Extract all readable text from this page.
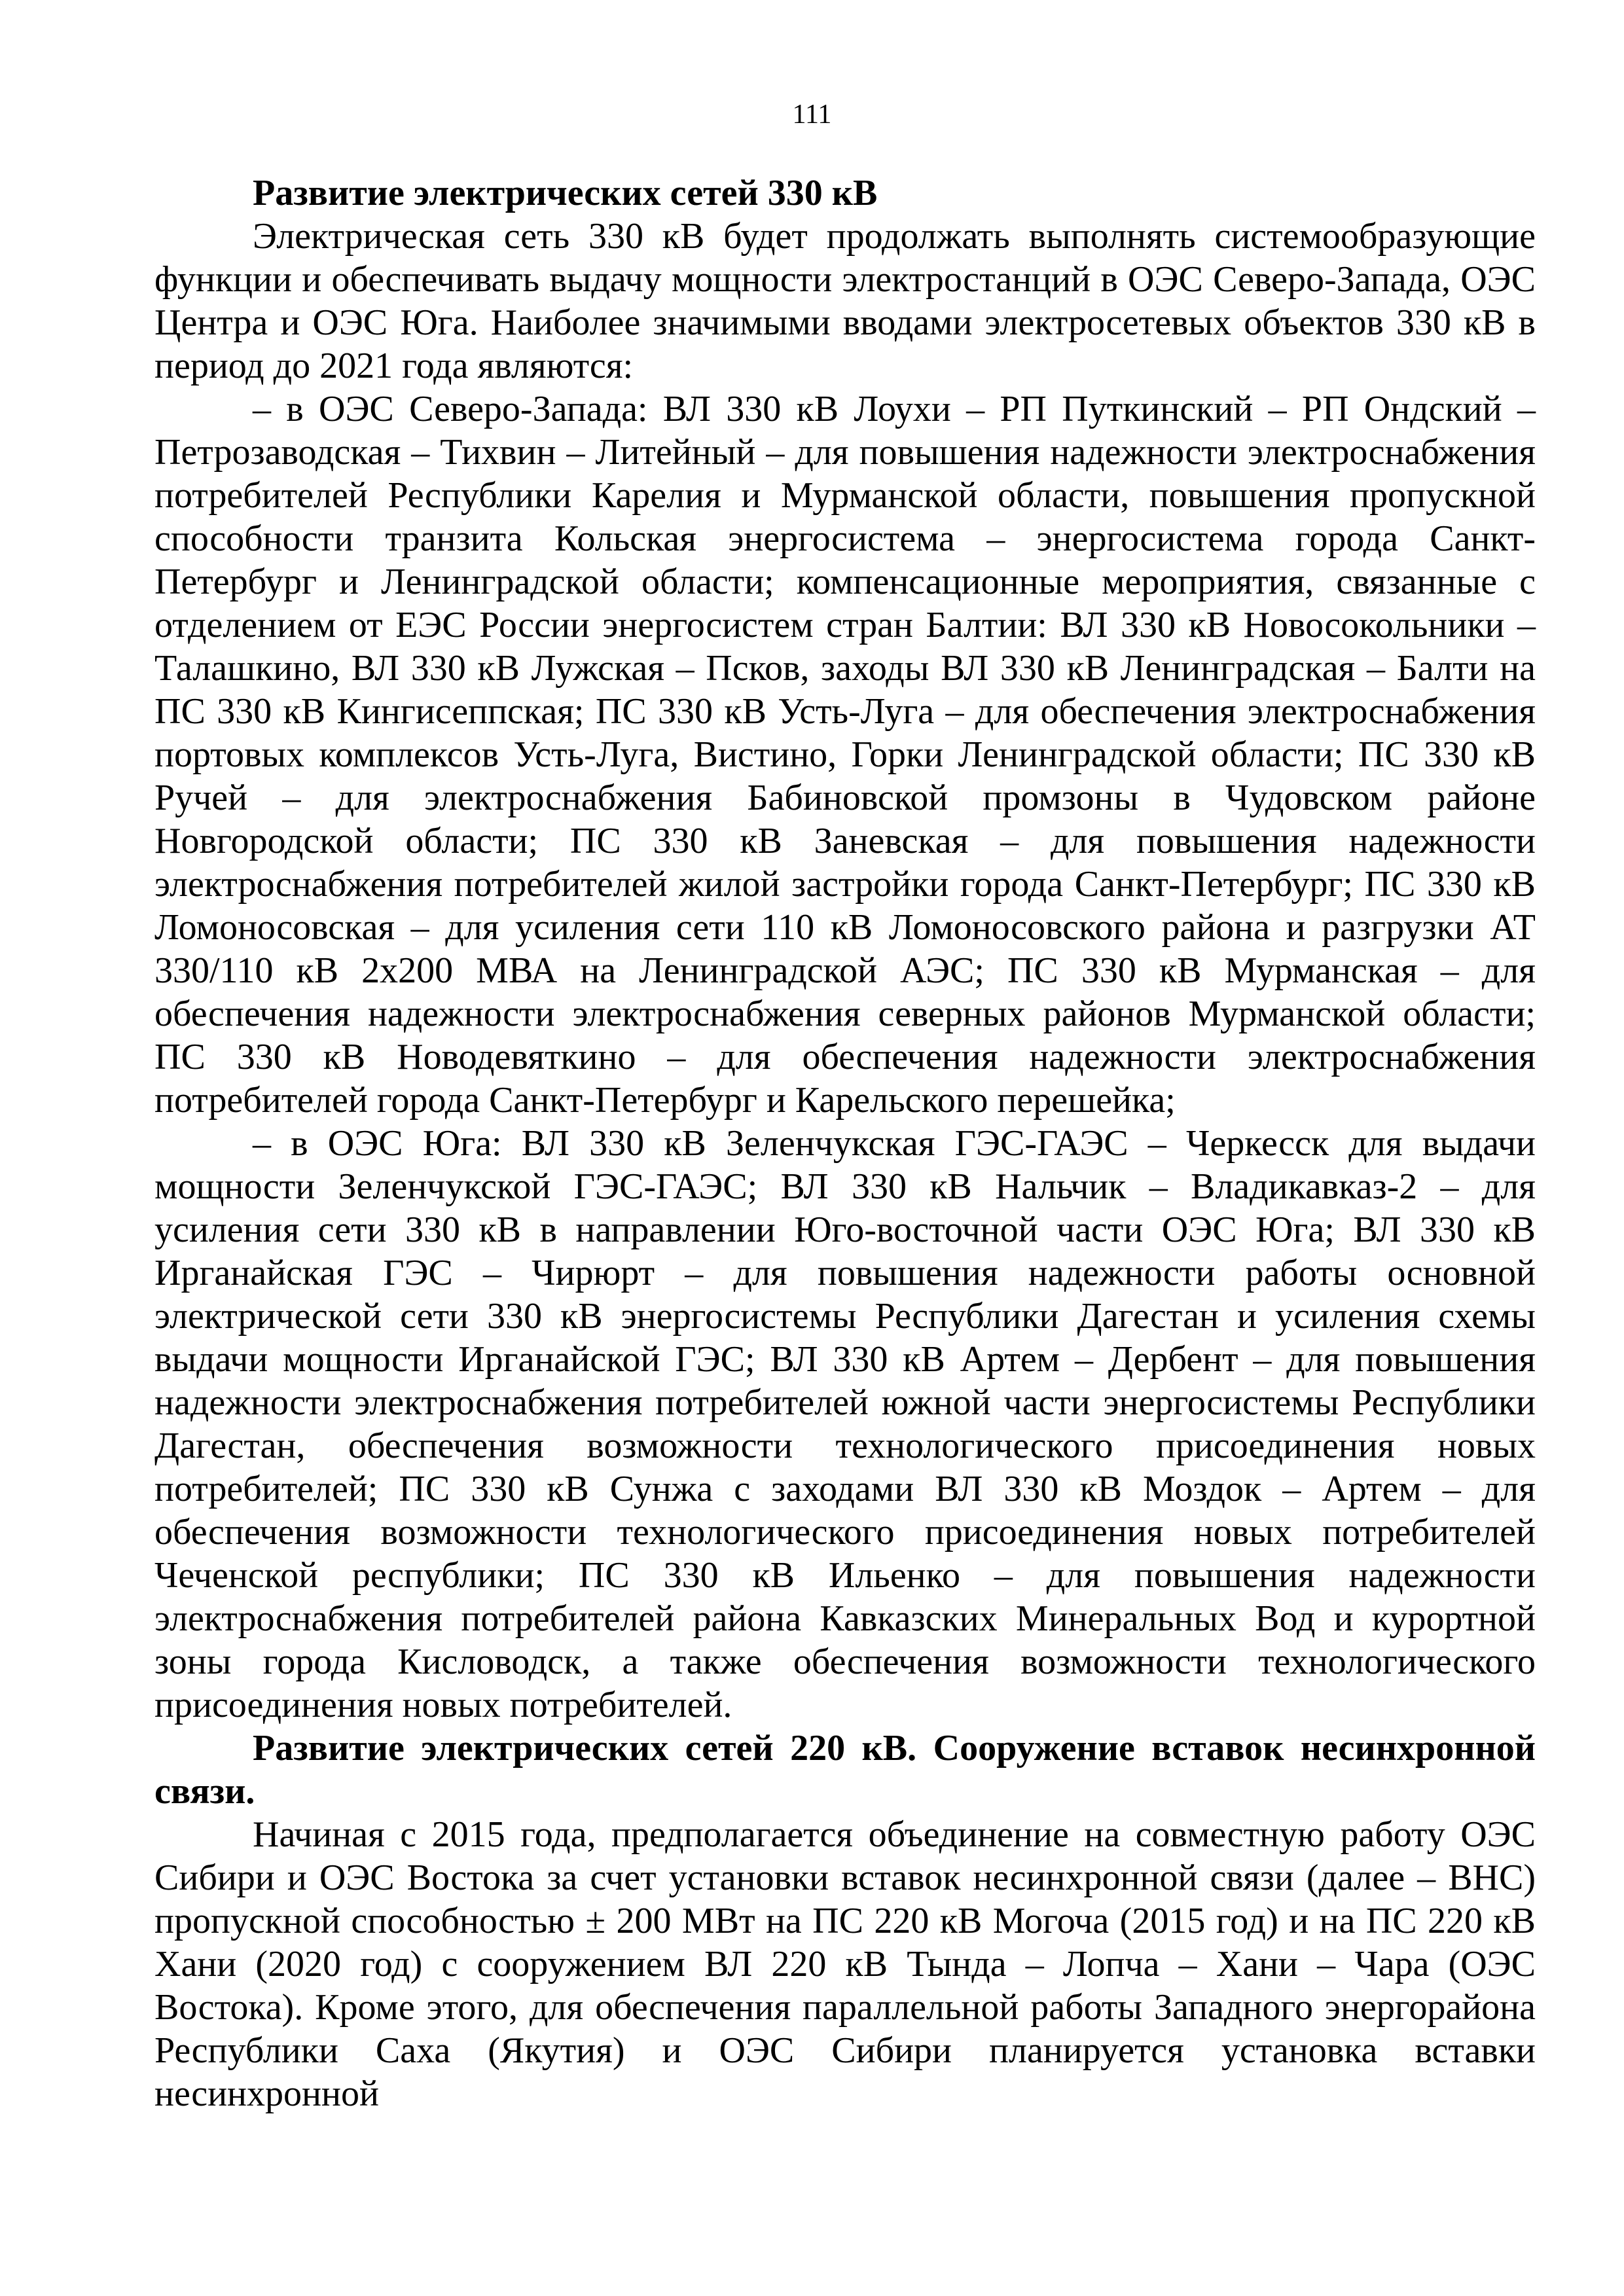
111

Развитие электрических сетей 330 кВ

Электрическая сеть 330 кВ будет продолжать выполнять системообразующие функции и обеспечивать выдачу мощности электростанций в ОЭС Северо-Запада, ОЭС Центра и ОЭС Юга. Наиболее значимыми вводами электросетевых объектов 330 кВ в период до 2021 года являются:

– в ОЭС Северо-Запада: ВЛ 330 кВ Лоухи – РП Путкинский – РП Ондский – Петрозаводская – Тихвин – Литейный – для повышения надежности электроснабжения потребителей Республики Карелия и Мурманской области, повышения пропускной способности транзита Кольская энергосистема – энергосистема города Санкт-Петербург и Ленинградской области; компенсационные мероприятия, связанные с отделением от ЕЭС России энергосистем стран Балтии: ВЛ 330 кВ Новосокольники – Талашкино, ВЛ 330 кВ Лужская – Псков, заходы ВЛ 330 кВ Ленинградская – Балти на ПС 330 кВ Кингисеппская; ПС 330 кВ Усть-Луга – для обеспечения электроснабжения портовых комплексов Усть-Луга, Вистино, Горки Ленинградской области; ПС 330 кВ Ручей – для электроснабжения Бабиновской промзоны в Чудовском районе Новгородской области; ПС 330 кВ Заневская – для повышения надежности электроснабжения потребителей жилой застройки города Санкт-Петербург; ПС 330 кВ Ломоносовская – для усиления сети 110 кВ Ломоносовского района и разгрузки АТ 330/110 кВ 2х200 МВА на Ленинградской АЭС; ПС 330 кВ Мурманская – для обеспечения надежности электроснабжения северных районов Мурманской области; ПС 330 кВ Новодевяткино – для обеспечения надежности электроснабжения потребителей города Санкт-Петербург и Карельского перешейка;

– в ОЭС Юга: ВЛ 330 кВ Зеленчукская ГЭС-ГАЭС – Черкесск для выдачи мощности Зеленчукской ГЭС-ГАЭС; ВЛ 330 кВ Нальчик – Владикавказ-2 – для усиления сети 330 кВ в направлении Юго-восточной части ОЭС Юга; ВЛ 330 кВ Ирганайская ГЭС – Чирюрт – для повышения надежности работы основной электрической сети 330 кВ энергосистемы Республики Дагестан и усиления схемы выдачи мощности Ирганайской ГЭС; ВЛ 330 кВ Артем – Дербент – для повышения надежности электроснабжения потребителей южной части энергосистемы Республики Дагестан, обеспечения возможности технологического присоединения новых потребителей; ПС 330 кВ Сунжа с заходами ВЛ 330 кВ Моздок – Артем – для обеспечения возможности технологического присоединения новых потребителей Чеченской республики; ПС 330 кВ Ильенко – для повышения надежности электроснабжения потребителей района Кавказских Минеральных Вод и курортной зоны города Кисловодск, а также обеспечения возможности технологического присоединения новых потребителей.

Развитие электрических сетей 220 кВ. Сооружение вставок несинхронной связи.

Начиная с 2015 года, предполагается объединение на совместную работу ОЭС Сибири и ОЭС Востока за счет установки вставок несинхронной связи (далее – ВНС) пропускной способностью ± 200 МВт на ПС 220 кВ Могоча (2015 год) и на ПС 220 кВ Хани (2020 год) с сооружением ВЛ 220 кВ Тында – Лопча – Хани – Чара (ОЭС Востока). Кроме этого, для обеспечения параллельной работы Западного энергорайона Республики Саха (Якутия) и ОЭС Сибири планируется установка вставки несинхронной
